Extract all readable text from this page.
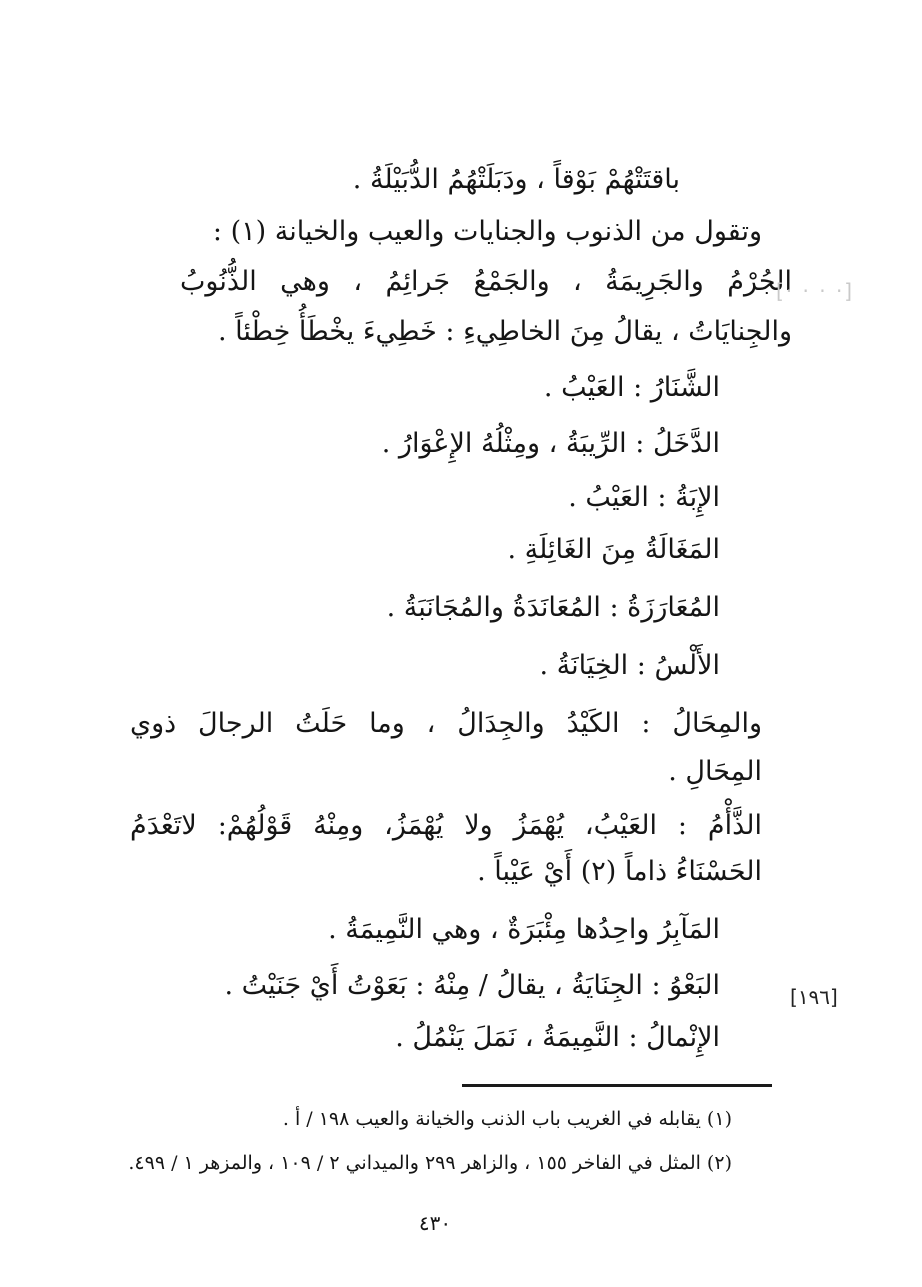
باقتَتْهُمْ بَوْقاً ، ودَبَلَتْهُمُ الدُّبَيْلَةُ .
وتقول من الذنوب والجنايات والعيب والخيانة (١) :
الجُرْمُ والجَرِيمَةُ ، والجَمْعُ جَرائِمُ ، وهي الذُّنُوبُ
والجِنايَاتُ ، يقالُ مِنَ الخاطِيءِ : خَطِيءَ يخْطَأُ خِطْئاً .
الشَّنَارُ : العَيْبُ .
الدَّخَلُ : الرِّيبَةُ ، ومِثْلُهُ الإِعْوَارُ .
الإِبَةُ : العَيْبُ .
المَغَالَةُ مِنَ الغَائِلَةِ .
المُعَارَزَةُ : المُعَانَدَةُ والمُجَانَبَةُ .
الأَلْسُ : الخِيَانَةُ .
والمِحَالُ : الكَيْدُ والجِدَالُ ، وما حَلَتُ الرجالَ ذوي
المِحَالِ .
الذَّأْمُ : العَيْبُ، يُهْمَزُ ولا يُهْمَزُ، ومِنْهُ قَوْلُهُمْ: لاتَعْدَمُ
الحَسْنَاءُ ذاماً (٢) أَيْ عَيْباً .
المَآبِرُ واحِدُها مِئْبَرَةٌ ، وهي النَّمِيمَةُ .
البَعْوُ : الجِنَايَةُ ، يقالُ / مِنْهُ : بَعَوْتُ أَيْ جَنَيْتُ .
الإِنْمالُ : النَّمِيمَةُ ، نَمَلَ يَنْمُلُ .
[· · · ·]
[١٩٦]
(١) يقابله في الغريب باب الذنب والخيانة والعيب ١٩٨ / أ .
(٢) المثل في الفاخر ١٥٥ ، والزاهر ٢٩٩ والميداني ٢ / ١٠٩ ، والمزهر ١ / ٤٩٩.
٤٣٠
